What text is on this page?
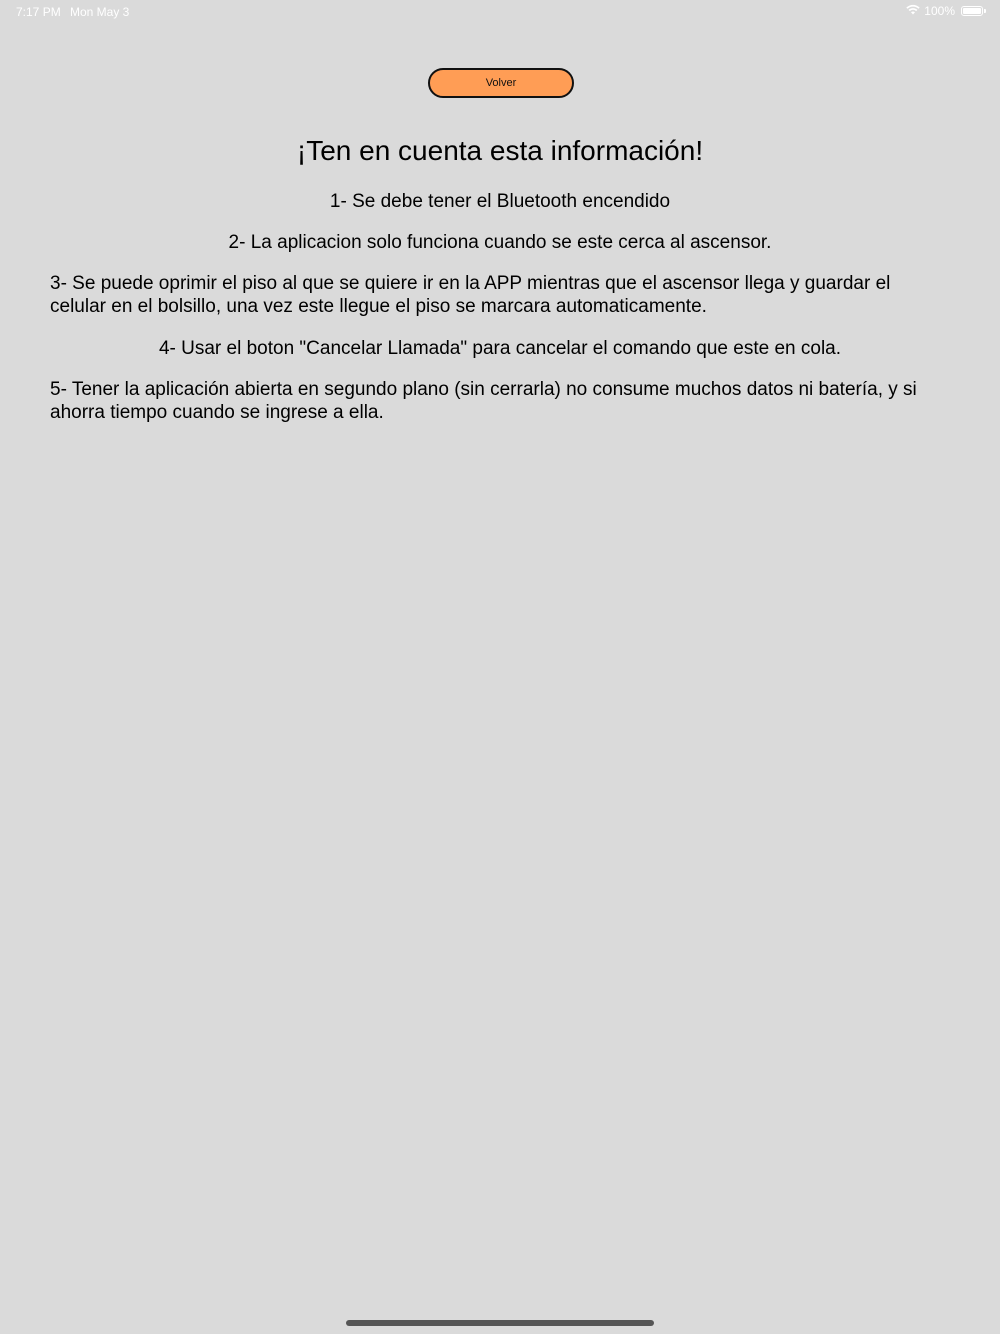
7:17 PM Mon May 3	100%
Volver
¡Ten en cuenta esta información!

1- Se debe tener el Bluetooth encendido

2- La aplicacion solo funciona cuando se este cerca al ascensor.

3- Se puede oprimir el piso al que se quiere ir en la APP mientras que el ascensor llega y guardar el celular en el bolsillo, una vez este llegue el piso se marcara automaticamente.

4- Usar el boton "Cancelar Llamada" para cancelar el comando que este en cola.

5- Tener la aplicación abierta en segundo plano (sin cerrarla) no consume muchos datos ni batería, y si ahorra tiempo cuando se ingrese a ella.
